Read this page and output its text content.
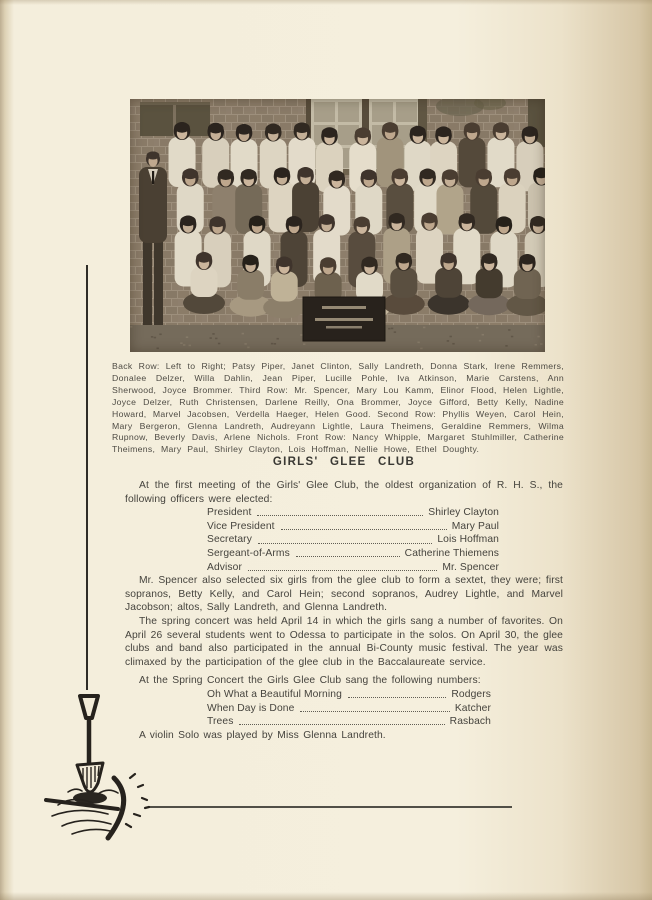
Back Row: Left to Right; Patsy Piper, Janet Clinton, Sally Landreth, Donna Stark, Irene Remmers, Donalee Delzer, Willa Dahlin, Jean Piper, Lucille Pohle, Iva Atkinson, Marie Carstens, Ann Sherwood, Joyce Brommer. Third Row: Mr. Spencer, Mary Lou Kamm, Elinor Flood, Helen Lightle, Joyce Delzer, Ruth Christensen, Darlene Reilly, Ona Brommer, Joyce Gifford, Betty Kelly, Nadine Howard, Marvel Jacobsen, Verdella Haeger, Helen Good. Second Row: Phyllis Weyen, Carol Hein, Mary Bergeron, Glenna Landreth, Audreyann Lightle, Laura Theimens, Geraldine Remmers, Wilma Rupnow, Beverly Davis, Arlene Nichols. Front Row: Nancy Whipple, Margaret Stuhlmiller, Catherine Theimens, Mary Paul, Shirley Clayton, Lois Hoffman, Nellie Howe, Ethel Doughty.
GIRLS' GLEE CLUB

At the first meeting of the Girls' Glee Club, the oldest organization of R. H. S., the following officers were elected:

President	Shirley Clayton
Vice President	Mary Paul
Secretary	Lois Hoffman
Sergeant-of-Arms	Catherine Thiemens
Advisor	Mr. Spencer

Mr. Spencer also selected six girls from the glee club to form a sextet, they were; first sopranos, Betty Kelly, and Carol Hein; second sopranos, Audrey Lightle, and Marvel Jacobson; altos, Sally Landreth, and Glenna Landreth.

The spring concert was held April 14 in which the girls sang a number of favorites. On April 26 several students went to Odessa to participate in the solos. On April 30, the glee clubs and band also participated in the annual Bi-County music festival. The year was climaxed by the participation of the glee club in the Baccalaureate service.

At the Spring Concert the Girls Glee Club sang the following numbers:

Oh What a Beautiful Morning	Rodgers
When Day is Done	Katcher
Trees	Rasbach

A violin Solo was played by Miss Glenna Landreth.
